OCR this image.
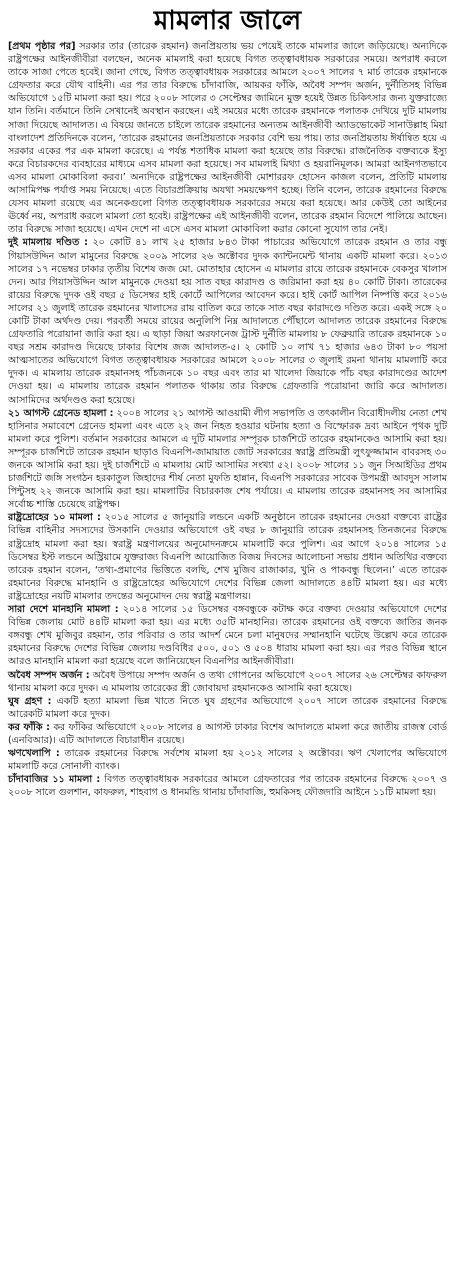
মামলার জালে

[প্রথম পৃষ্ঠার পর] সরকার তার (তারেক রহমান) জনপ্রিয়তায় ভয় পেয়েই তাকে মামলার জালে জড়িয়েছে। অন্যদিকে রাষ্ট্রপক্ষের আইনজীবীরা বলছেন, অনেক মামলাই করা হয়েছে বিগত তত্ত্বাবধায়ক সরকারের সময়ে। অপরাধ করলে তাকে সাজা পেতে হবেই। জানা গেছে, বিগত তত্ত্বাবধায়ক সরকারের আমলে ২০০৭ সালের ৭ মার্চ তারেক রহমানকে গ্রেফতার করে যৌথ বাহিনী। এর পর তার বিরুদ্ধে চাঁদাবাজি, আয়কর ফাঁকি, অবৈধ সম্পদ অর্জন, দুর্নীতিসহ বিভিন্ন অভিযোগে ১৫টি মামলা করা হয়। পরে ২০০৮ সালের ৩ সেপ্টেম্বর জামিনে মুক্ত হয়েই উন্নত চিকিৎসার জন্য যুক্তরাজ্যে যান তিনি। বর্তমানে তিনি সেখানেই অবস্থান করছেন। এই সময়ের মধ্যে তারেক রহমানকে পলাতক দেখিয়ে দুটি মামলায় সাজা দিয়েছে আদালত। এ বিষয়ে জানতে চাইলে তারেক রহমানের অন্যতম আইনজীবী অ্যাডভোকেট সানাউল্লাহ মিয়া বাংলাদেশ প্রতিদিনকে বলেন, ‘তারেক রহমানের জনপ্রিয়তাকে সরকার বেশি ভয় পায়। তার জনপ্রিয়তায় ঈর্ষান্বিত হয়ে এ সরকার একের পর এক মামলা করেছে। এ পর্যন্ত শতাধিক মামলা করা হয়েছে তার বিরুদ্ধে। রাজনৈতিক বক্তব্যকে ইস্যু করে বিচারকদের ব্যবহারের মাধ্যমে এসব মামলা করা হয়েছে। সব মামলাই মিথ্যা ও হয়রানিমূলক। আমরা আইনগতভাবে এসব মামলা মোকাবিলা করব।’ অন্যদিকে রাষ্ট্রপক্ষের আইনজীবী মোশাররফ হোসেন কাজল বলেন, প্রতিটি মামলায় আসামিপক্ষ পর্যাপ্ত সময় নিয়েছে। এতে বিচারপ্রক্রিয়ায় অযথা সময়ক্ষেপণ হচ্ছে। তিনি বলেন, তারেক রহমানের বিরুদ্ধে যেসব মামলা রয়েছে এর অনেকগুলো বিগত তত্ত্বাবধায়ক সরকারের সময়ে করা হয়েছে। আর কেউই তো আইনের ঊর্ধ্বে নয়, অপরাধ করলে মামলা তো হবেই। রাষ্ট্রপক্ষের এই আইনজীবী বলেন, তারেক রহমান বিদেশে পালিয়ে আছেন। তার বিরুদ্ধে সাজা হয়েছে। এখন দেশে না এসে এসব মামলা মোকাবিলা করার কোনো সুযোগ তার নেই।

দুই মামলায় দণ্ডিত : ২০ কোটি ৪১ লাখ ২৫ হাজার ৮৪৩ টাকা পাচারের অভিযোগে তারেক রহমান ও তার বন্ধু গিয়াসউদ্দিন আল মামুনের বিরুদ্ধে ২০০৯ সালের ২৬ অক্টোবর দুদক ক্যান্টনমেন্ট থানায় একটি মামলা করে। ২০১৩ সালের ১৭ নভেম্বর ঢাকার তৃতীয় বিশেষ জজ মো. মোতাহার হোসেন এ মামলার রায়ে তারেক রহমানকে বেকসুর খালাস দেন। আর গিয়াসউদ্দিন আল মামুনকে দেওয়া হয় সাত বছর কারাদণ্ড ও জরিমানা করা হয় ৪০ কোটি টাকা। তারেকের রায়ের বিরুদ্ধে দুদক ওই বছর ৫ ডিসেম্বর হাই কোর্টে আপিলের আবেদন করে। হাই কোর্ট আপিল নিষ্পত্তি করে ২০১৬ সালের ২১ জুলাই তারেক রহমানের খালাসের রায় বাতিল করে তাকে সাত বছর কারাদণ্ডে দণ্ডিত করে। একই সঙ্গে ২০ কোটি টাকা অর্থদণ্ড দেয়। পরবর্তী সময়ে রায়ের অনুলিপি নিম্ন আদালতে পৌঁছালে আদালত তারেক রহমানের বিরুদ্ধে গ্রেফতারি পরোয়ানা জারি করা হয়। এ ছাড়া জিয়া অরফানেজ ট্রাস্ট দুর্নীতি মামলায় ৮ ফেব্রুয়ারি তারেক রহমানকে ১০ বছর সশ্রম কারাদণ্ড দিয়েছে ঢাকার বিশেষ জজ আদালত-৫। ২ কোটি ১০ লাখ ৭১ হাজার ৬৪৩ টাকা ৮০ পয়সা আত্মসাতের অভিযোগে বিগত তত্ত্বাবধায়ক সরকারের আমলে ২০০৮ সালের ৩ জুলাই রমনা থানায় মামলাটি করে দুদক। এ মামলায় তারেক রহমানসহ পাঁচজনকে ১০ বছর এবং তার মা খালেদা জিয়াকে পাঁচ বছর কারাদণ্ডের আদেশ দেওয়া হয়। এ মামলায় তারেক রহমান পলাতক থাকায় তার বিরুদ্ধে গ্রেফতারি পরোয়ানা জারি করে আদালত। আসামিদের অর্থদণ্ডও করা হয়েছে।

২১ আগস্ট গ্রেনেড হামলা : ২০০৪ সালের ২১ আগস্ট আওয়ামী লীগ সভাপতি ও তৎকালীন বিরোধীদলীয় নেতা শেখ হাসিনার সমাবেশে গ্রেনেড হামলা এবং এতে ২২ জন নিহত হওয়ার ঘটনায় হত্যা ও বিস্ফোরক দ্রব্য আইনে পৃথক দুটি মামলা করে পুলিশ। বর্তমান সরকারের আমলে এ দুটি মামলার সম্পূরক চার্জশিটে তারেক রহমানকেও আসামি করা হয়। সম্পূরক চার্জশিটে তারেক রহমান ছাড়াও বিএনপি-জামায়াত জোট সরকারের স্বরাষ্ট্র প্রতিমন্ত্রী লুৎফুজ্জামান বাবরসহ ৩০ জনকে আসামি করা হয়। দুই চার্জশিটে এ মামলায় মোট আসামির সংখ্যা ৫২। ২০০৮ সালের ১১ জুন সিআইডির প্রথম চার্জশিটে জঙ্গি সংগঠন হরকাতুল জিহাদের শীর্ষ নেতা মুফতি হান্নান, বিএনপি সরকারের সাবেক উপমন্ত্রী আবদুস সালাম পিন্টুসহ ২২ জনকে আসামি করা হয়। মামলাটির বিচারকাজ শেষ পর্যায়ে। এ মামলায় তারেক রহমানসহ সব আসামির সর্বোচ্চ শাস্তি চেয়েছে রাষ্ট্রপক্ষ।

রাষ্ট্রদ্রোহের ১০ মামলা : ২০১৫ সালের ৫ জানুয়ারি লন্ডনে একটি অনুষ্ঠানে তারেক রহমানের দেওয়া বক্তব্যে রাষ্ট্রের বিভিন্ন বাহিনীর সদস্যদের উসকানি দেওয়ার অভিযোগে ওই বছর ৮ জানুয়ারি তারেক রহমানসহ তিনজনের বিরুদ্ধে রাষ্ট্রদ্রোহ মামলা করা হয়। স্বরাষ্ট্র মন্ত্রণালয়ের অনুমোদনক্রমে মামলাটি করে পুলিশ। এর আগে ২০১৪ সালের ১৫ ডিসেম্বর ইস্ট লন্ডনে অস্ট্রিয়ামে যুক্তরাজ্য বিএনপি আয়োজিত বিজয় দিবসের আলোচনা সভায় প্রধান অতিথির বক্তব্যে তারেক রহমান বলেন, ‘তথ্য-প্রমাণের ভিত্তিতে বলছি, শেখ মুজিব রাজাকার, খুনি ও পাকবন্ধু ছিলেন।’ এতে তারেক রহমানের বিরুদ্ধে মানহানি ও রাষ্ট্রদ্রোহের অভিযোগে দেশের বিভিন্ন জেলা আদালতে ৪৪টি মামলা হয়। এর মধ্যে রাষ্ট্রদ্রোহের নয়টি মামলার তদন্তের অনুমোদন দেয় স্বরাষ্ট্র মন্ত্রণালয়।

সারা দেশে মানহানি মামলা : ২০১৪ সালের ১৫ ডিসেম্বর বঙ্গবন্ধুকে কটাক্ষ করে বক্তব্য দেওয়ার অভিযোগে দেশের বিভিন্ন জেলায় মোট ৪৪টি মামলা করা হয়। এর মধ্যে ৩৫টি মানহানির। তারেক রহমানের ওই বক্তব্যে জাতির জনক বঙ্গবন্ধু শেখ মুজিবুর রহমান, তার পরিবার ও তার আদর্শ মেনে চলা মানুষদের সম্মানহানি ঘটেছে উল্লেখ করে তারেক রহমানের বিরুদ্ধে দেশের বিভিন্ন জেলায় দণ্ডবিধির ৫০০, ৫০১ ও ৫০৪ ধারায় মামলা করা হয়। এর পরও বিভিন্ন স্থানে আরও মানহানি মামলা করা হয়েছে বলে জানিয়েছেন বিএনপির আইনজীবীরা।

অবৈধ সম্পদ অর্জন : অবৈধ উপায়ে সম্পদ অর্জন ও তথ্য গোপনের অভিযোগে ২০০৭ সালের ২৬ সেপ্টেম্বর কাফরুল থানায় মামলা করে দুদক। এ মামলায় তারেকের স্ত্রী জোবায়দা রহমানকেও আসামি করা হয়েছে।

ঘুষ গ্রহণ : একটি হত্যা মামলা ভিন্ন খাতে নিতে ঘুষ গ্রহণের অভিযোগে ২০০৭ সালে তারেক রহমানের বিরুদ্ধে আরেকটি মামলা করে দুদক।

কর ফাঁকি : কর ফাঁকির অভিযোগে ২০০৮ সালের ৪ আগস্ট ঢাকার বিশেষ আদালতে মামলা করে জাতীয় রাজস্ব বোর্ড (এনবিআর)। এটি আদালতে বিচারাধীন রয়েছে।

ঋণখেলাপি : তারেক রহমানের বিরুদ্ধে সর্বশেষ মামলা হয় ২০১২ সালের ২ অক্টোবর। ঋণ খেলাপের অভিযোগে মামলাটি করে সোনালী ব্যাংক।

চাঁদাবাজির ১১ মামলা : বিগত তত্ত্বাবধায়ক সরকারের আমলে গ্রেফতারের পর তারেক রহমানের বিরুদ্ধে ২০০৭ ও ২০০৮ সালে গুলশান, কাফরুল, শাহবাগ ও ধানমন্ডি থানায় চাঁদাবাজি, হুমকিসহ ফৌজদারি আইনে ১১টি মামলা হয়।
